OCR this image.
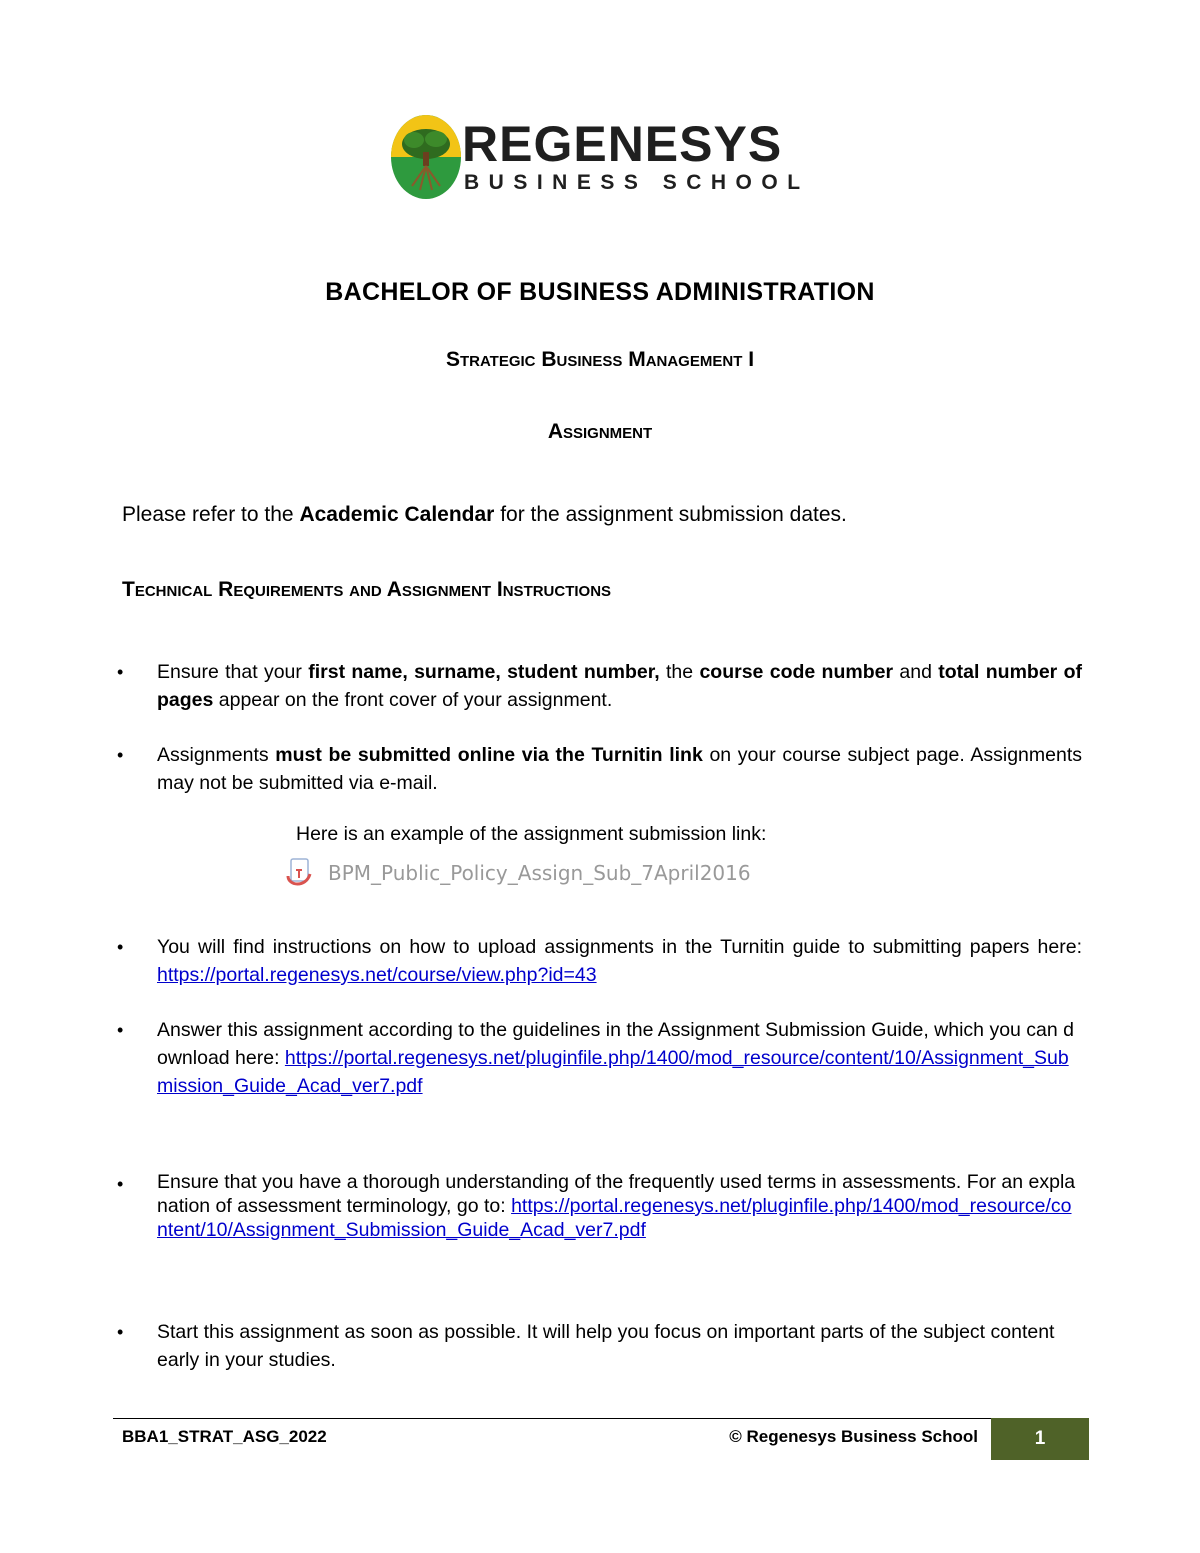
REGENESYS
BUSINESS SCHOOL
BACHELOR OF BUSINESS ADMINISTRATION
Strategic Business Management I
Assignment
Please refer to the Academic Calendar for the assignment submission dates.
Technical Requirements and Assignment Instructions
•	Ensure that your first name, surname, student number, the course code number and total number of pages appear on the front cover of your assignment.
•	Assignments must be submitted online via the Turnitin link on your course subject page. Assignments may not be submitted via e-mail.
Here is an example of the assignment submission link:
BPM_Public_Policy_Assign_Sub_7April2016
•	You will find instructions on how to upload assignments in the Turnitin guide to submitting papers here: https://portal.regenesys.net/course/view.php?id=43
•	Answer this assignment according to the guidelines in the Assignment Submission Guide, which you can download here: https://portal.regenesys.net/pluginfile.php/1400/mod_resource/content/10/Assignment_Submission_Guide_Acad_ver7.pdf
•	Ensure that you have a thorough understanding of the frequently used terms in assessments. For an explanation of assessment terminology, go to: https://portal.regenesys.net/pluginfile.php/1400/mod_resource/content/10/Assignment_Submission_Guide_Acad_ver7.pdf
•	Start this assignment as soon as possible. It will help you focus on important parts of the subject content early in your studies.
BBA1_STRAT_ASG_2022	© Regenesys Business School	1
